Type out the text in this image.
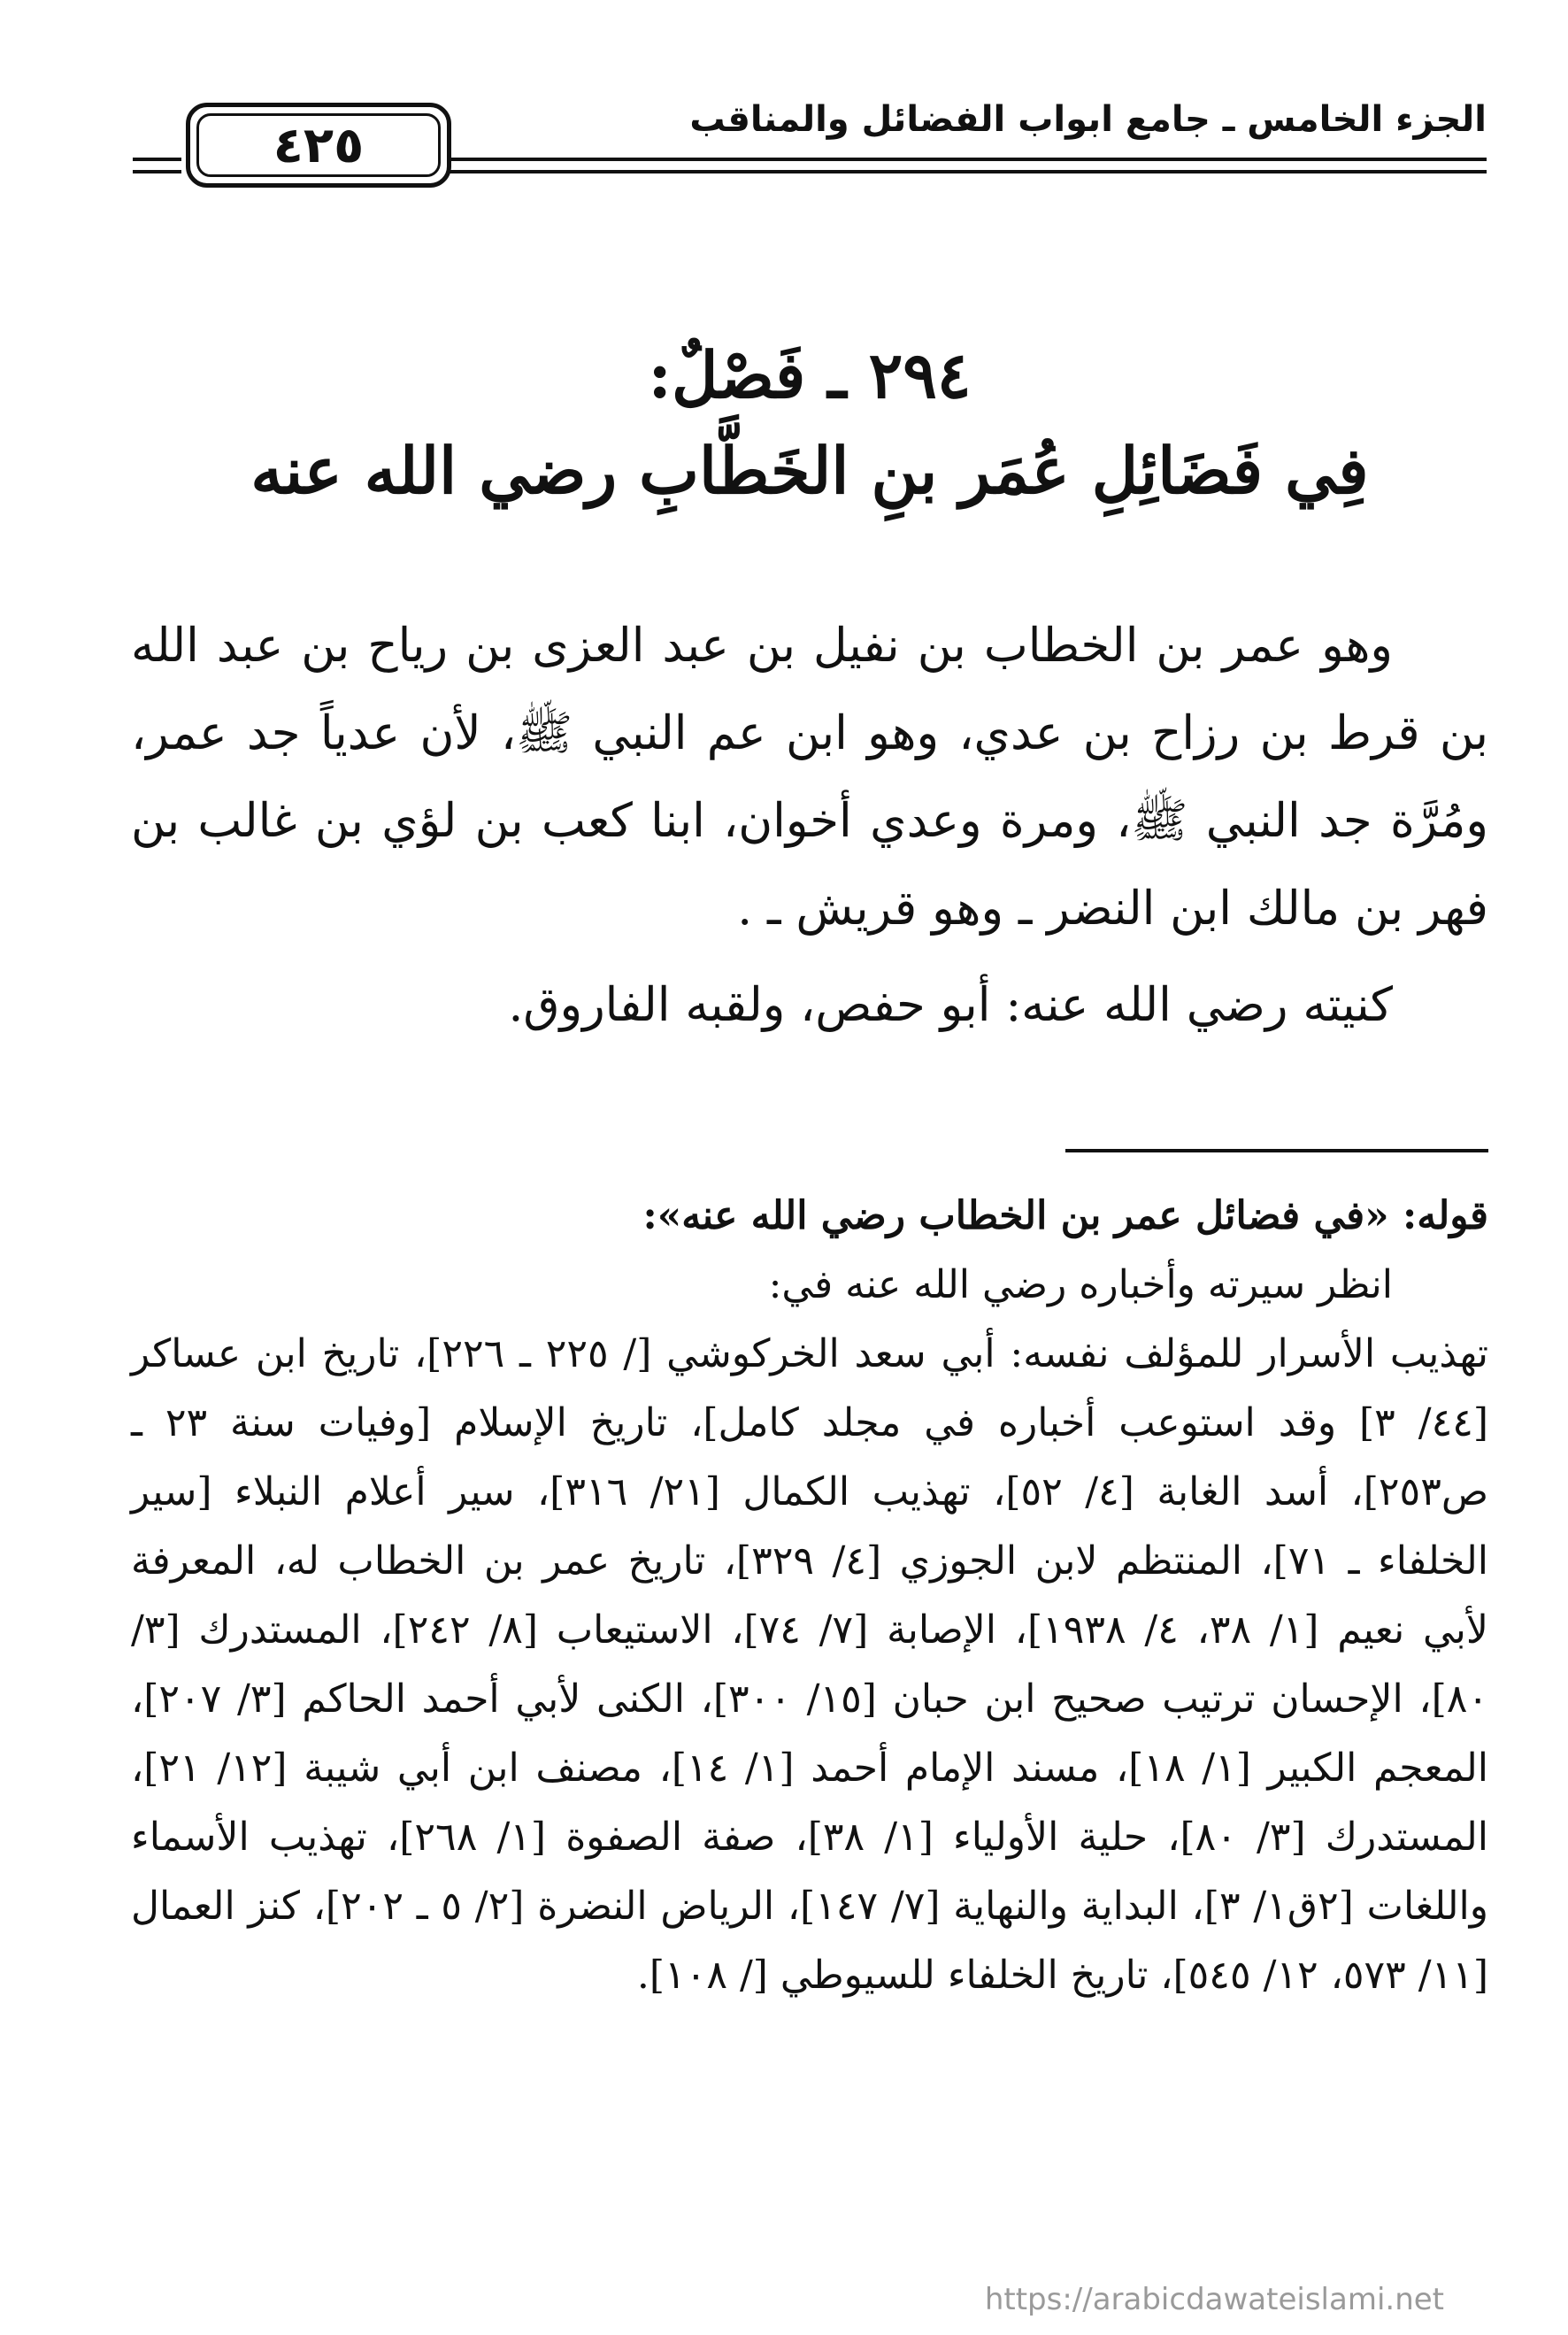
الجزء الخامس ـ جامع ابواب الفضائل والمناقب
٤٢٥
٢٩٤ ـ فَصْلٌ:
فِي فَضَائِلِ عُمَر بنِ الخَطَّابِ رضي الله عنه

وهو عمر بن الخطاب بن نفيل بن عبد العزى بن رياح بن عبد الله بن قرط بن رزاح بن عدي، وهو ابن عم النبي ﷺ، لأن عدياً جد عمر، ومُرَّة جد النبي ﷺ، ومرة وعدي أخوان، ابنا كعب بن لؤي بن غالب بن فهر بن مالك ابن النضر ـ وهو قريش ـ .

كنيته رضي الله عنه: أبو حفص، ولقبه الفاروق.

قوله: «في فضائل عمر بن الخطاب رضي الله عنه»:

انظر سيرته وأخباره رضي الله عنه في:

تهذيب الأسرار للمؤلف نفسه: أبي سعد الخركوشي [/ ٢٢٥ ـ ٢٢٦]، تاريخ ابن عساكر [٤٤/ ٣] وقد استوعب أخباره في مجلد كامل]، تاريخ الإسلام [وفيات سنة ٢٣ ـ ص٢٥٣]، أسد الغابة [٤/ ٥٢]، تهذيب الكمال [٢١/ ٣١٦]، سير أعلام النبلاء [سير الخلفاء ـ ٧١]، المنتظم لابن الجوزي [٤/ ٣٢٩]، تاريخ عمر بن الخطاب له، المعرفة لأبي نعيم [١/ ٣٨، ٤/ ١٩٣٨]، الإصابة [٧/ ٧٤]، الاستيعاب [٨/ ٢٤٢]، المستدرك [٣/ ٨٠]، الإحسان ترتيب صحيح ابن حبان [١٥/ ٣٠٠]، الكنى لأبي أحمد الحاكم [٣/ ٢٠٧]، المعجم الكبير [١/ ١٨]، مسند الإمام أحمد [١/ ١٤]، مصنف ابن أبي شيبة [١٢/ ٢١]، المستدرك [٣/ ٨٠]، حلية الأولياء [١/ ٣٨]، صفة الصفوة [١/ ٢٦٨]، تهذيب الأسماء واللغات [٢ق١/ ٣]، البداية والنهاية [٧/ ١٤٧]، الرياض النضرة [٢/ ٥ ـ ٢٠٢]، كنز العمال [١١/ ٥٧٣، ١٢/ ٥٤٥]، تاريخ الخلفاء للسيوطي [/ ١٠٨].

https://arabicdawateislami.net
